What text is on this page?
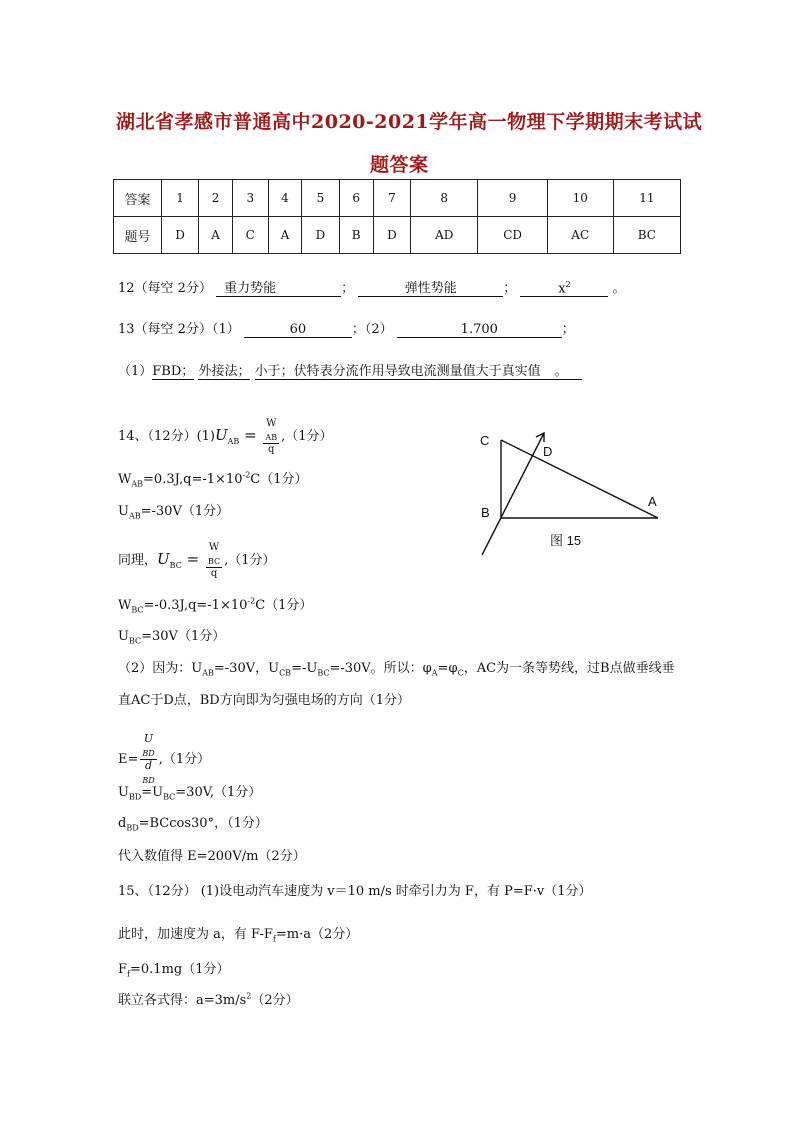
湖北省孝感市普通高中2020-2021学年高一物理下学期期末考试试
题答案
答案	1	2	3	4	5	6	7	8	9	10	11
题号	D	A	C	A	D	B	D	AD	CD	AC	BC
12（每空 2分） 重力势能	；	弹性势能	；	$x^2$	。
13（每空 2分）（1）	60	；（2）	1.700	；
（1）FBD； 外接法； 小于；伏特表分流作用导致电流测量值大于真实值 。
14、（12分）$(1)U_{AB} = W$
$_{AB}$
q ,（1分）
$W_{AB}=0.3J,q=-1\times 10^{-2}C(1$分）
$U_{AB}=-30V(1$分）
同理，$U_{BC} = W$
$_{BC}$
q ,（1分）
$W_{BC}=-0.3J,q=-1\times 10^{-2}C(1$分）
$U_{BC}=30V(1$分）
（2）因为：$U_{AB}=-30V$，$U_{CB}=-U_{BC}=-30V$。所以：$\varphi_A=\varphi_C$，AC为一条等势线，过B点做垂线垂
直AC于D点，BD方向即为匀强电场的方向（1分）
E= U
$_{BD}$
d
$_{BD}$ ,（1分）
$U_{BD}=U_{BC}=30V,(1$分）
$d_{BD}=BCcos30^\circ$，（1分）
代入数值得 E=200V/m（2分）
15、（12分） (1)设电动汽车速度为 v＝10 m/s 时牵引力为 F，有 P=F·v（1分）
此时，加速度为 a，有 $F-F_f=m\cdot a(2$分）
$F_f=0.1mg(1$分）
联立各式得：$a=3m/s^2(2$分）
C
D
A
B
图 15
